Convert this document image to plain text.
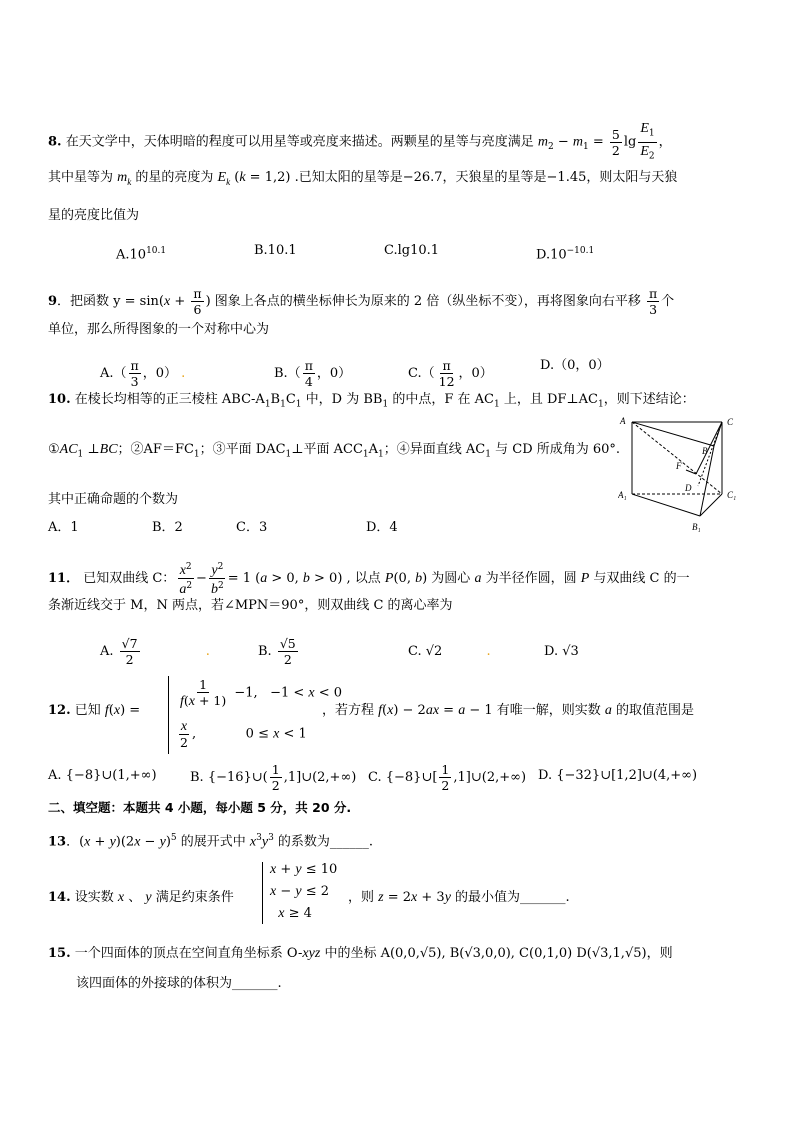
8. 在天文学中，天体明暗的程度可以用星等或亮度来描述。两颗星的星等与亮度满足 $m_2 - m_1 = \frac{5}{2}$ $\lg \frac{E_1}{E_2}$ ，
其中星等为 $m_k$ 的星的亮度为 $E_k$ (k = 1,2) .已知太阳的星等是−26.7，天狼星的星等是−1.45，则太阳与天狼
星的亮度比值为
$A.10^{10.1}$	B.10.1	C.lg10.1	$D.10^{-10.1}$
9．把函数 $y = \sin(x + \frac{\pi}{6}$ ) 图象上各点的横坐标伸长为原来的 2 倍（纵坐标不变），再将图象向右平移 $\frac{\pi}{3}$ 个
单位，那么所得图象的一个对称中心为
$A.( \frac{\pi}{3}$ ，0） .	$B.( \frac{\pi}{4}$ ，0）	$C.( \frac{\pi}{12}$ ，0）
D.（0，0）
10. 在棱长均相等的正三棱柱 ABC-$A_1B_1C_1$ 中，D 为 $BB_1$ 的中点，F 在 $AC_1$ 上，且 $DF\perp AC_1$，则下述结论：
$①AC_1$ ⊥BC；$②AF=FC_1$；③平面 $DAC_1\perp$平面 $ACC_1A_1$；④异面直线 $AC_1$ 与 CD 所成角为 60°.
其中正确命题的个数为
A．1	B．2	C．3	D．4
A	C
B
F
D
A₁	C₁
B₁
11． 已知双曲线 C： $\frac{x^2}{a^2} - \frac{y^2}{b^2} = 1$ (a > 0, b > 0) , 以点 P(0, b) 为圆心 a 为半径作圆，圆 P 与双曲线 C 的一
条渐近线交于 M，N 两点，若∠MPN＝90°，则双曲线 C 的离心率为
A. $\frac{√7}{2}$	.	B. $\frac{√5}{2}$	C. √2	.	D. √3
12. 已知 f(x) =
$\frac{1}{f(x + 1)} -1$,   −1 < x < 0
$\frac{x}{2}$ ,            0 ≤ x < 1
，若方程 f(x) − 2ax = a − 1 有唯一解，则实数 a 的取值范围是
A. {−8}∪(1,+∞)	B. {−16}∪( $\frac{1}{2}$ ,1]∪(2,+∞) C. {−8}∪[ $\frac{1}{2}$ ,1]∪(2,+∞) D. {−32}∪[1,2]∪(4,+∞)
二、填空题：本题共 4 小题，每小题 5 分，共 20 分.
13．$(x + y)(2x - y)^5$ 的展开式中 $x^3y^3$ 的系数为______.
14. 设实数 x 、 y 满足约束条件
x + y ≤ 10
x − y ≤ 2
x ≥ 4
，则 z = 2x + 3y 的最小值为_______.
15. 一个四面体的顶点在空间直角坐标系 O-xyz 中的坐标 A(0,0,√5), B(√3,0,0), C(0,1,0) D(√3,1,√5)，则
该四面体的外接球的体积为_______.
